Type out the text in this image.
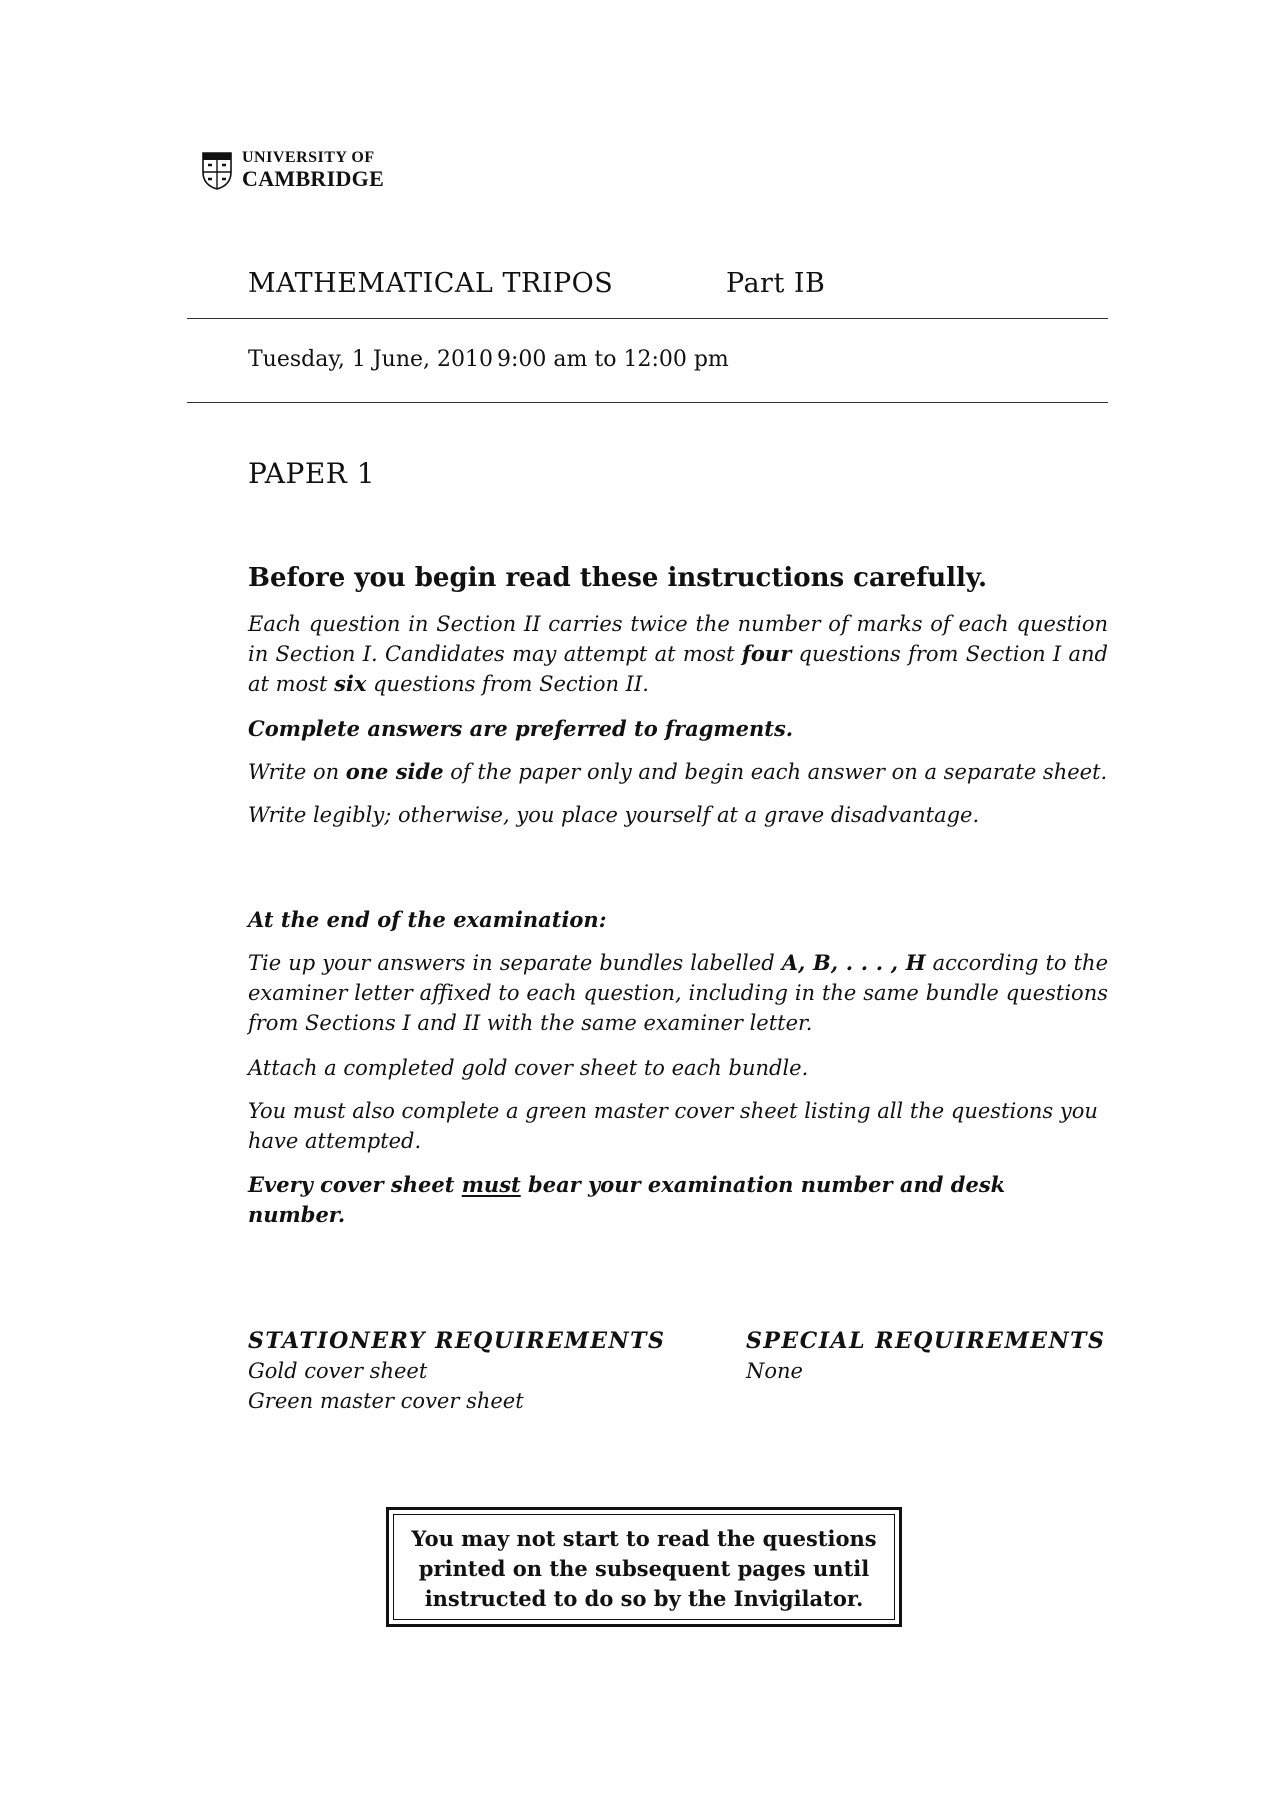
UNIVERSITY OF
CAMBRIDGE
MATHEMATICAL TRIPOS	Part IB
Tuesday, 1 June, 2010 9:00 am to 12:00 pm
PAPER 1
Before you begin read these instructions carefully.
Each question in Section II carries twice the number of marks of each question in Section I. Candidates may attempt at most four questions from Section I and at most six questions from Section II.
Complete answers are preferred to fragments.
Write on one side of the paper only and begin each answer on a separate sheet.
Write legibly; otherwise, you place yourself at a grave disadvantage.
At the end of the examination:
Tie up your answers in separate bundles labelled A, B, . . . , H according to the examiner letter affixed to each question, including in the same bundle questions from Sections I and II with the same examiner letter.
Attach a completed gold cover sheet to each bundle.
You must also complete a green master cover sheet listing all the questions you have attempted.
Every cover sheet must bear your examination number and desk number.
STATIONERY REQUIREMENTS
Gold cover sheet
Green master cover sheet
SPECIAL REQUIREMENTS
None
You may not start to read the questions
printed on the subsequent pages until
instructed to do so by the Invigilator.
